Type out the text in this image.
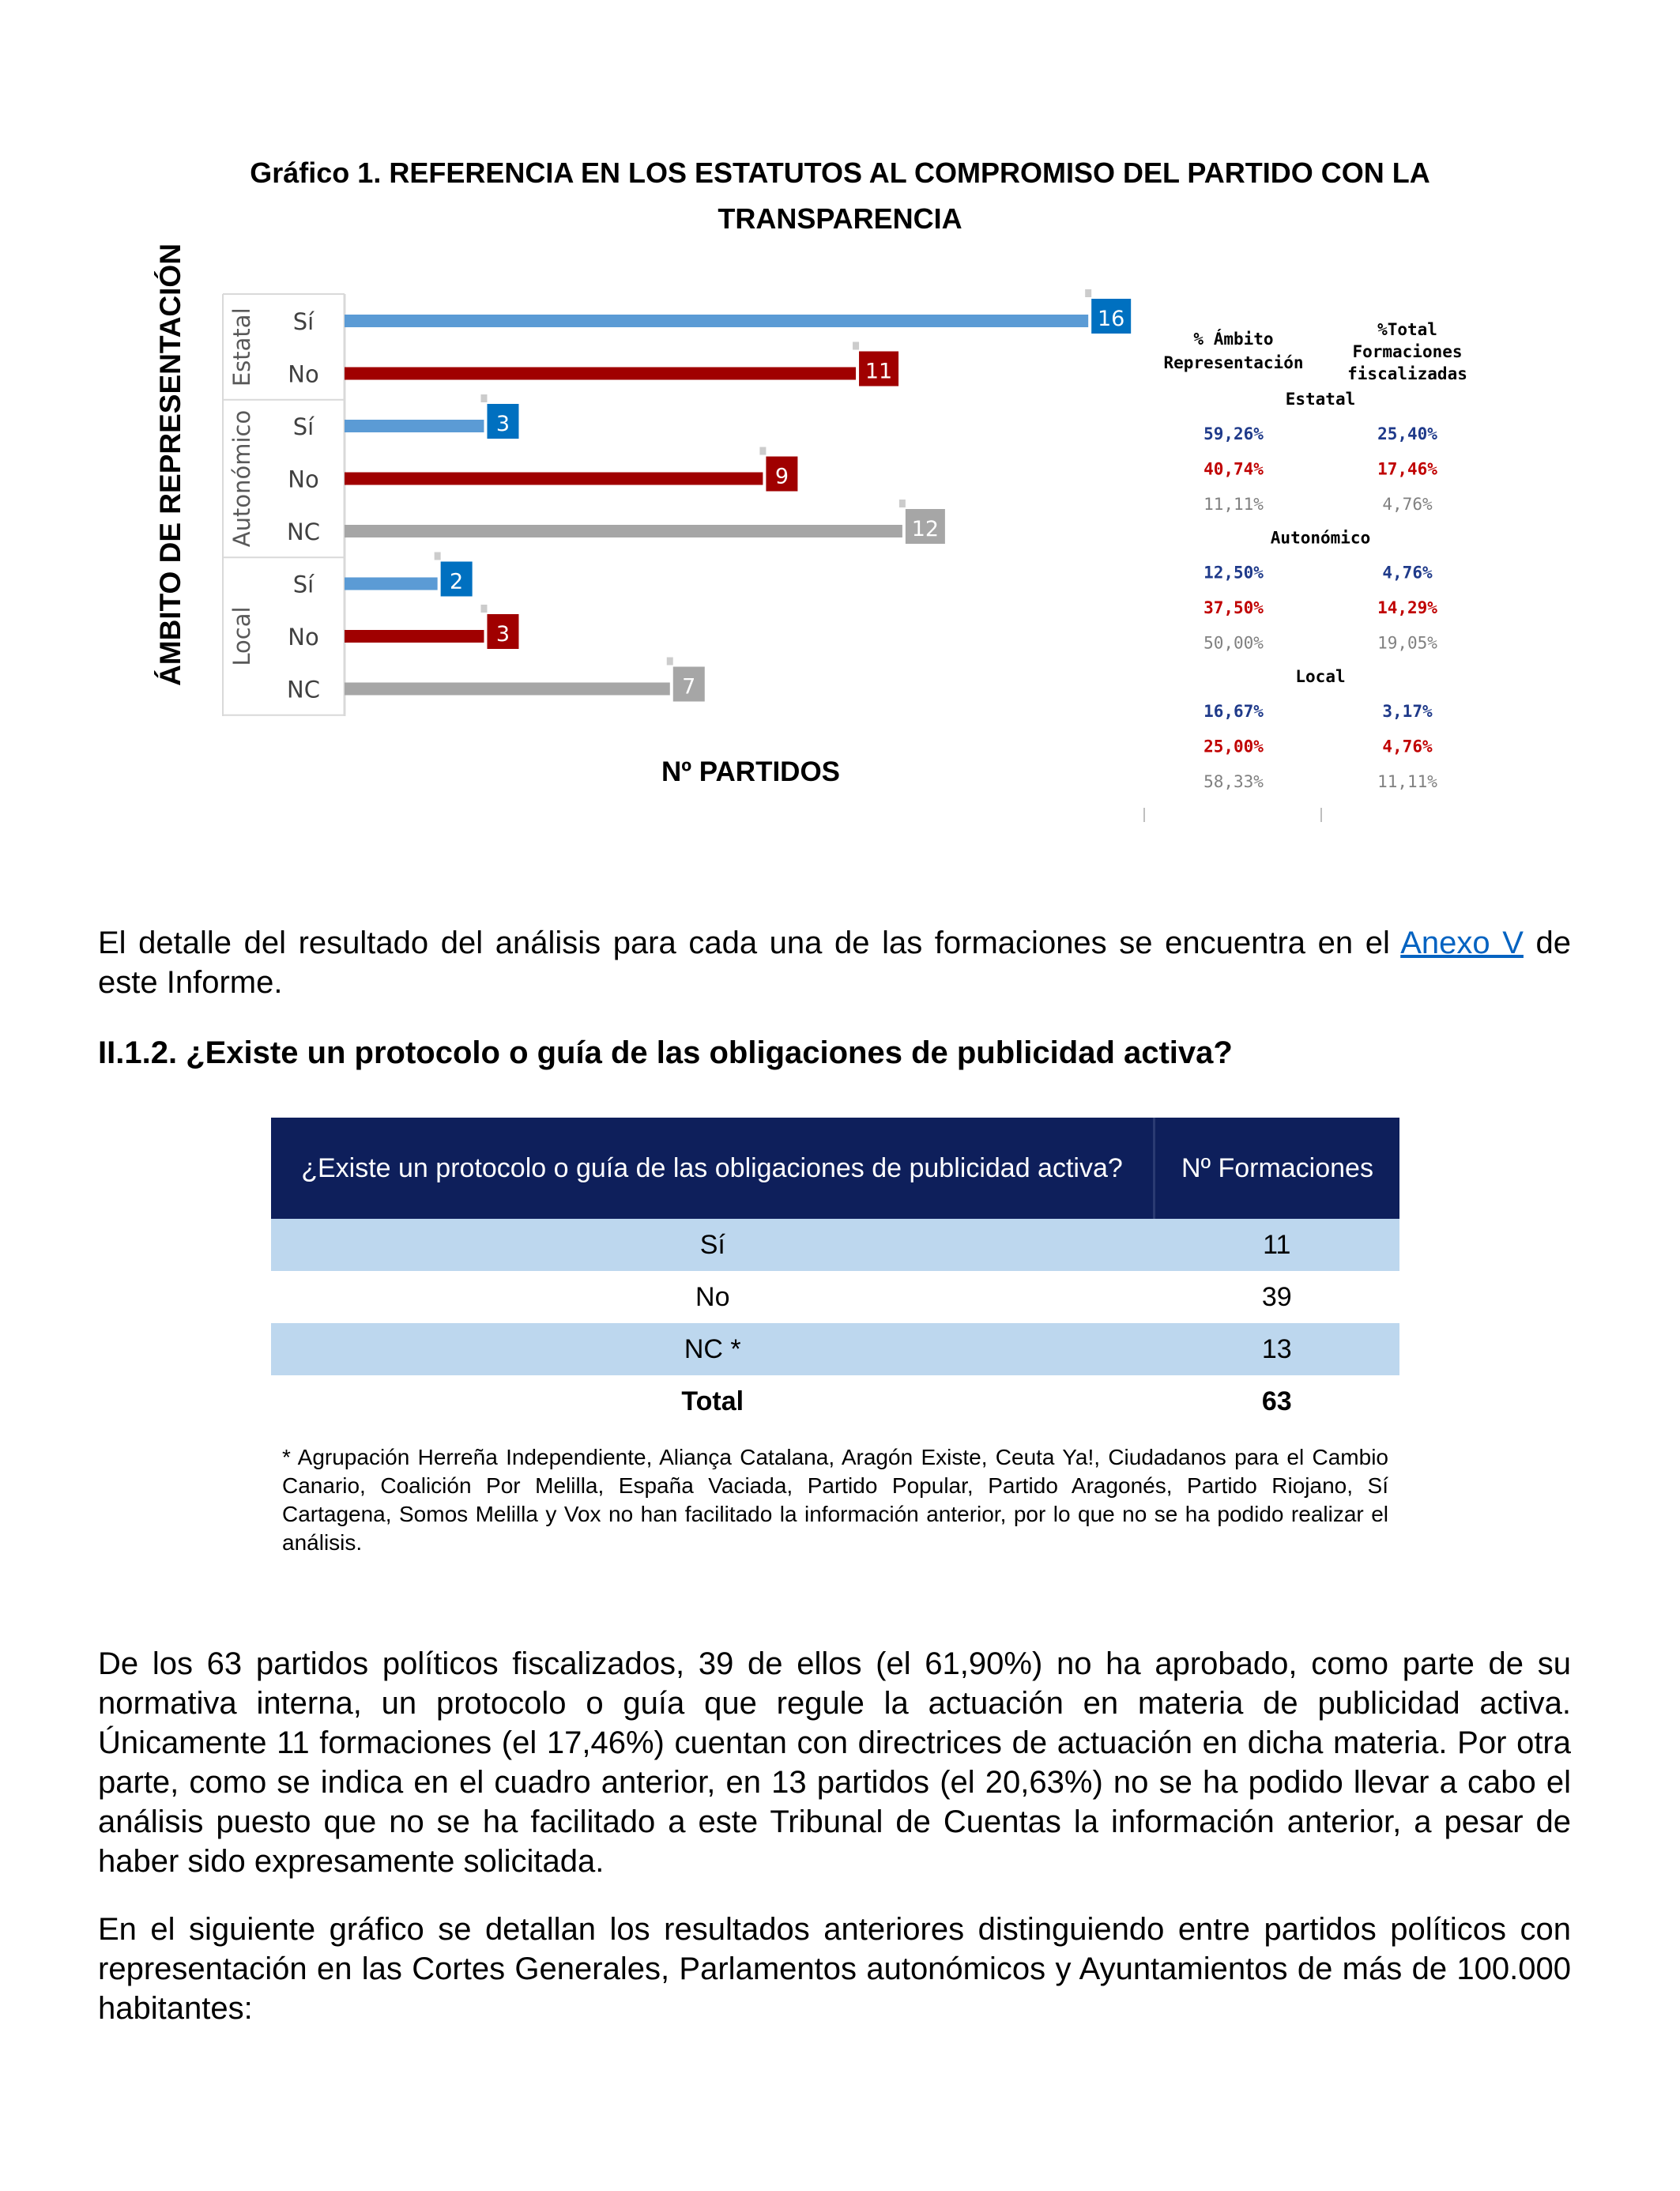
Gráfico 1. REFERENCIA EN LOS ESTATUTOS AL COMPROMISO DEL PARTIDO CON LA
TRANSPARENCIA
ÁMBITO DE REPRESENTACIÓN
Nº PARTIDOS
Sí	16
No	11
Estatal
Sí	3
No	9
NC	12
Autonómico
Sí	2
No	3
NC	7
Local
% Ámbito
Representación
%Total
Formaciones
fiscalizadas
Estatal
59,26%	25,40%
40,74%	17,46%
11,11%	4,76%
Autonómico
12,50%	4,76%
37,50%	14,29%
50,00%	19,05%
Local
16,67%	3,17%
25,00%	4,76%
58,33%	11,11%
El detalle del resultado del análisis para cada una de las formaciones se encuentra en el Anexo V de este Informe.
II.1.2. ¿Existe un protocolo o guía de las obligaciones de publicidad activa?
¿Existe un protocolo o guía de las obligaciones de publicidad activa?	Nº Formaciones
Sí	11
No	39
NC *	13
Total	63
* Agrupación Herreña Independiente, Aliança Catalana, Aragón Existe, Ceuta Ya!, Ciudadanos para el Cambio Canario, Coalición Por Melilla, España Vaciada, Partido Popular, Partido Aragonés, Partido Riojano, Sí Cartagena, Somos Melilla y Vox no han facilitado la información anterior, por lo que no se ha podido realizar el análisis.
De los 63 partidos políticos fiscalizados, 39 de ellos (el 61,90%) no ha aprobado, como parte de su normativa interna, un protocolo o guía que regule la actuación en materia de publicidad activa. Únicamente 11 formaciones (el 17,46%) cuentan con directrices de actuación en dicha materia. Por otra parte, como se indica en el cuadro anterior, en 13 partidos (el 20,63%) no se ha podido llevar a cabo el análisis puesto que no se ha facilitado a este Tribunal de Cuentas la información anterior, a pesar de haber sido expresamente solicitada.
En el siguiente gráfico se detallan los resultados anteriores distinguiendo entre partidos políticos con representación en las Cortes Generales, Parlamentos autonómicos y Ayuntamientos de más de 100.000 habitantes:
